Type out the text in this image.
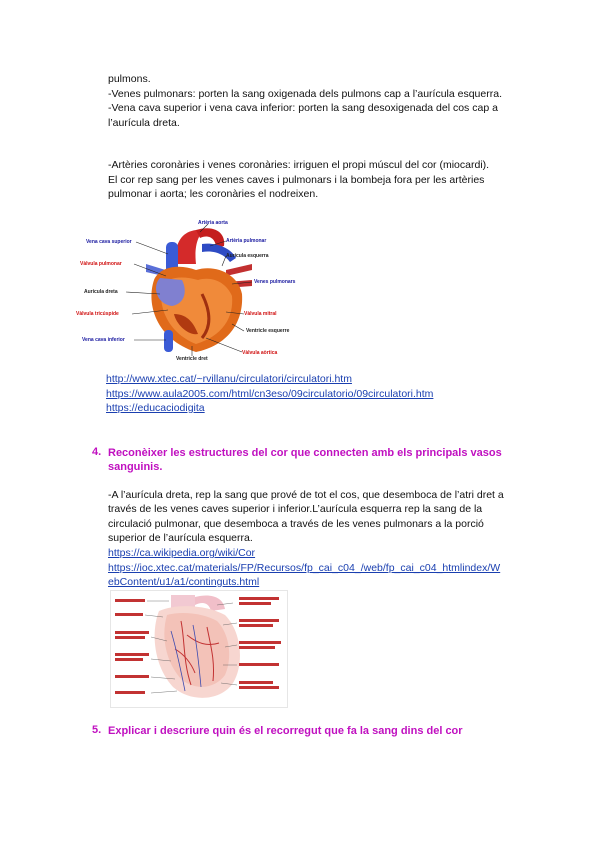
pulmons.
-Venes pulmonars: porten la sang oxigenada dels pulmons cap a l’aurícula esquerra.
-Vena cava superior i vena cava inferior: porten la sang desoxigenada del cos cap a
l’aurícula dreta.
-Artèries coronàries i venes coronàries: irriguen el propi múscul del cor (miocardi).
El cor rep sang per les venes caves i pulmonars i la bombeja fora per les artèries
pulmonar i aorta; les coronàries el nodreixen.
Artèria aorta
Artèria pulmonar
Vena cava superior
Vàlvula pulmonar
Aurícula esquerra
Venes pulmonars
Aurícula dreta
Vàlvula mitral
Vàlvula tricúspide
Ventricle esquerre
Vena cava inferior
Vàlvula aòrtica
Ventricle dret
http://www.xtec.cat/~rvillanu/circulatori/circulatori.htm
https://www.aula2005.com/html/cn3eso/09circulatorio/09circulatori.htm
https://educaciodigita
4. Reconèixer les estructures del cor que connecten amb els principals vasos
sanguinis.
-A l’aurícula dreta, rep la sang que prové de tot el cos, que desemboca de l’atri dret a
través de les venes caves superior i inferior.L’aurícula esquerra rep la sang de la
circulació pulmonar, que desemboca a través de les venes pulmonars a la porció
superior de l’aurícula esquerra.
https://ca.wikipedia.org/wiki/Cor
https://ioc.xtec.cat/materials/FP/Recursos/fp_cai_c04_/web/fp_cai_c04_htmlindex/W
ebContent/u1/a1/continguts.html
5. Explicar i descriure quin és el recorregut que fa la sang dins del cor
